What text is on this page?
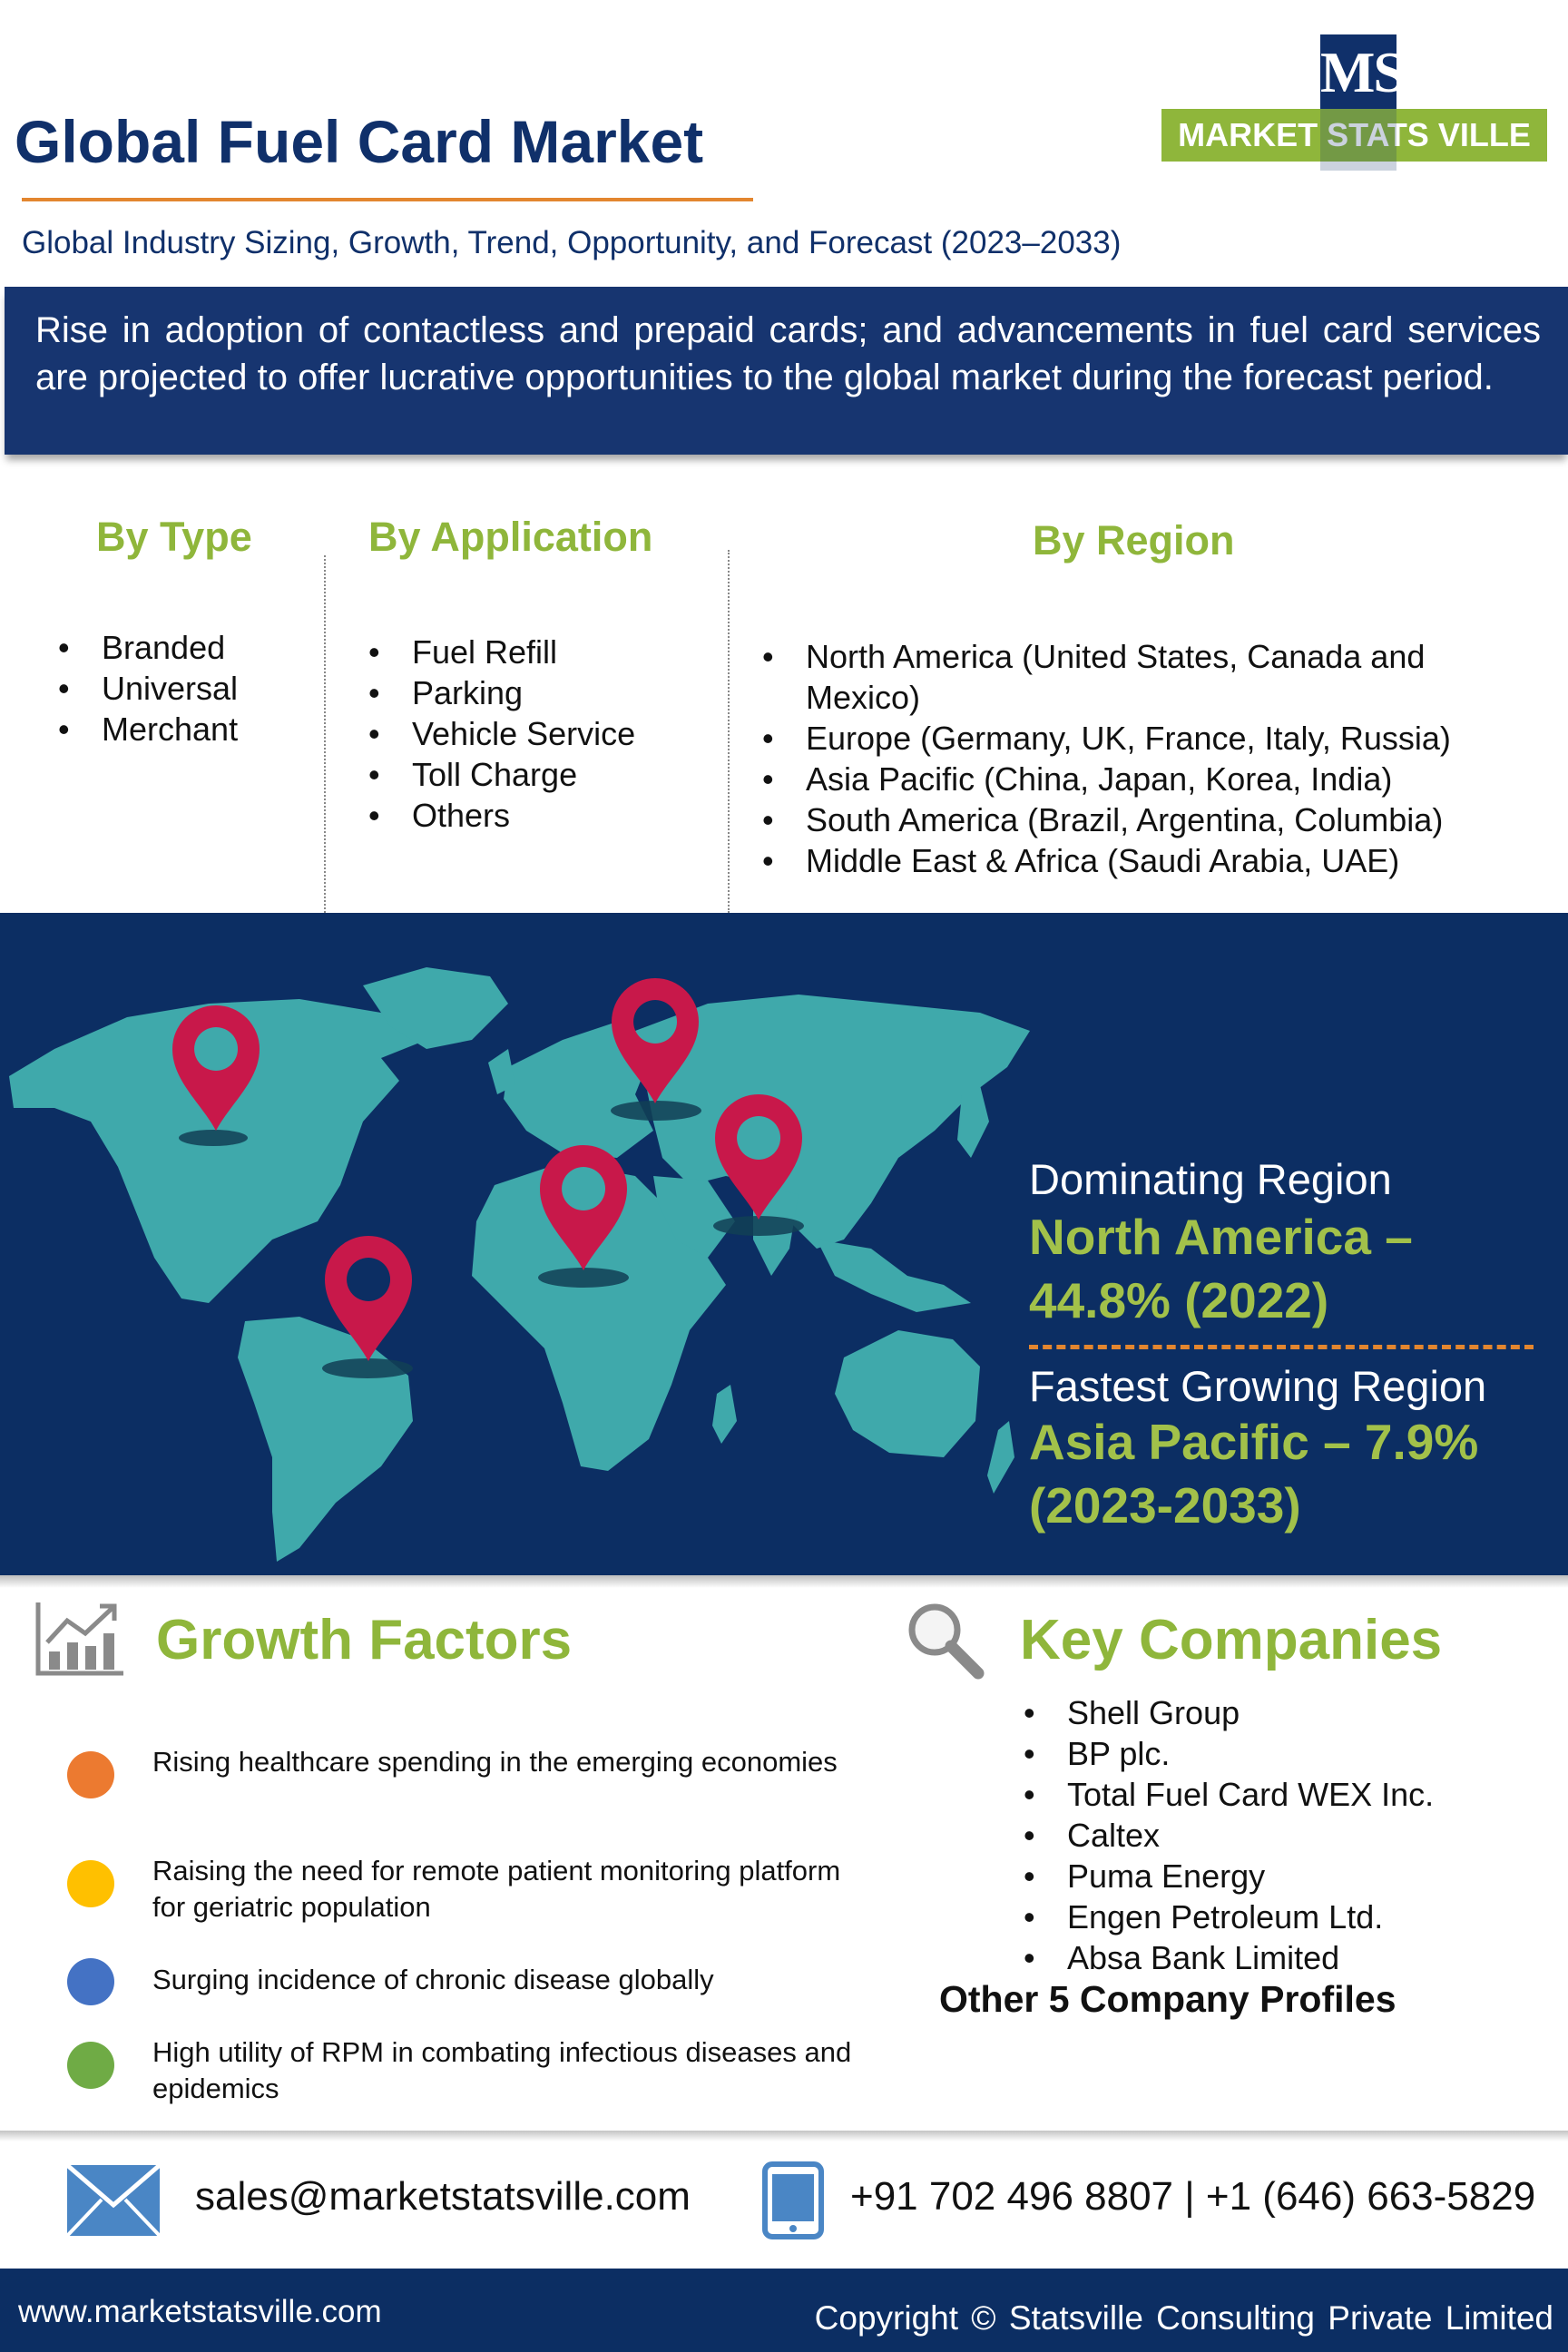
Global Fuel Card Market
Global Industry Sizing, Growth, Trend, Opportunity, and Forecast (2023–2033)
MS
MARKET STATS VILLE

Rise in adoption of contactless and prepaid cards; and advancements in fuel card services are projected to offer lucrative opportunities to the global market during the forecast period.

By Type	By Application	By Region
• Branded
• Universal
• Merchant
• Fuel Refill
• Parking
• Vehicle Service
• Toll Charge
• Others
• North America (United States, Canada and Mexico)
• Europe (Germany, UK, France, Italy, Russia)
• Asia Pacific (China, Japan, Korea, India)
• South America (Brazil, Argentina, Columbia)
• Middle East & Africa (Saudi Arabia, UAE)
Dominating Region
North America – 44.8% (2022)
Fastest Growing Region
Asia Pacific – 7.9% (2023-2033)
Growth Factors
Rising healthcare spending in the emerging economies
Raising the need for remote patient monitoring platform for geriatric population
Surging incidence of chronic disease globally
High utility of RPM in combating infectious diseases and epidemics
Key Companies
• Shell Group
• BP plc.
• Total Fuel Card WEX Inc.
• Caltex
• Puma Energy
• Engen Petroleum Ltd.
• Absa Bank Limited
Other 5 Company Profiles
sales@marketstatsville.com	+91 702 496 8807 | +1 (646) 663-5829
www.marketstatsville.com	Copyright © Statsville Consulting Private Limited
